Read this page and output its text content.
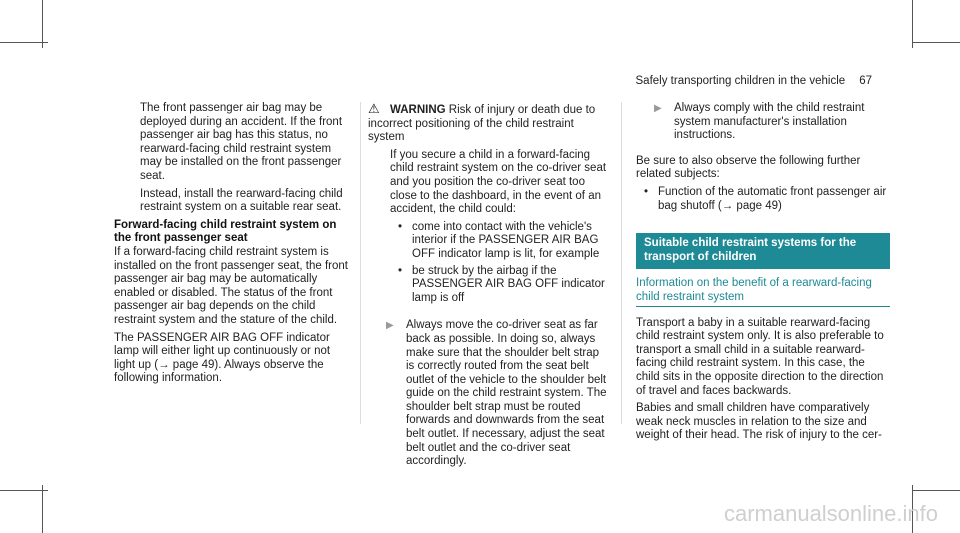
Safely transporting children in the vehicle 67

The front passenger air bag may be deployed during an accident. If the front passenger air bag has this status, no rearward-facing child restraint system may be installed on the front passenger seat.

Instead, install the rearward-facing child restraint system on a suitable rear seat.

Forward-facing child restraint system on the front passenger seat

If a forward-facing child restraint system is installed on the front passenger seat, the front passenger air bag may be automatically enabled or disabled. The status of the front passenger air bag depends on the child restraint system and the stature of the child.

The PASSENGER AIR BAG OFF indicator lamp will either light up continuously or not light up (→ page 49). Always observe the following information.

⚠ WARNING Risk of injury or death due to incorrect positioning of the child restraint system

If you secure a child in a forward-facing child restraint system on the co-driver seat and you position the co-driver seat too close to the dashboard, in the event of an accident, the child could:

• come into contact with the vehicle's interior if the PASSENGER AIR BAG OFF indicator lamp is lit, for example
• be struck by the airbag if the PASSENGER AIR BAG OFF indicator lamp is off

▶ Always move the co-driver seat as far back as possible. In doing so, always make sure that the shoulder belt strap is correctly routed from the seat belt outlet of the vehicle to the shoulder belt guide on the child restraint system. The shoulder belt strap must be routed forwards and downwards from the seat belt outlet. If necessary, adjust the seat belt outlet and the co-driver seat accordingly.

▶ Always comply with the child restraint system manufacturer's installation instructions.

Be sure to also observe the following further related subjects:

• Function of the automatic front passenger air bag shutoff (→ page 49)
Suitable child restraint systems for the transport of children
Information on the benefit of a rearward-facing child restraint system

Transport a baby in a suitable rearward-facing child restraint system only. It is also preferable to transport a small child in a suitable rearward-facing child restraint system. In this case, the child sits in the opposite direction to the direction of travel and faces backwards.

Babies and small children have comparatively weak neck muscles in relation to the size and weight of their head. The risk of injury to the cer-

carmanualsonline.info
